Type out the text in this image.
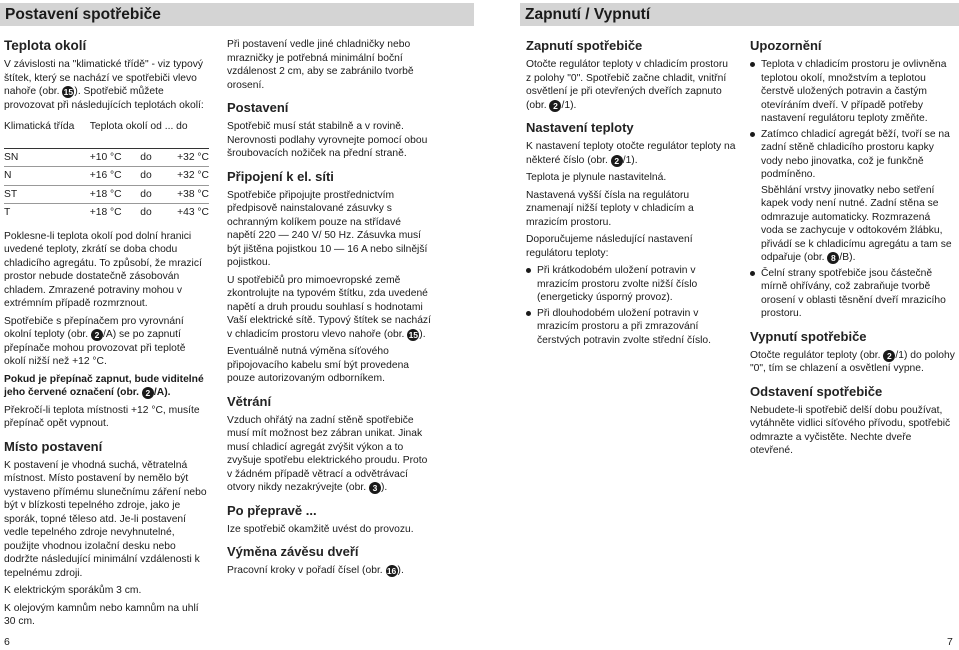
Postavení spotřebiče	Zapnutí / Vypnutí
Teplota okolí

V závislosti na "klimatické třídě" - viz typový štítek, který se nachází ve spotřebiči vlevo nahoře (obr. 15). Spotřebič můžete provozovat při následujících teplotách okolí:

Klimatická třída	Teplota okolí od ... do		
SN	+10 °C	do	+32 °C
N	+16 °C	do	+32 °C
ST	+18 °C	do	+38 °C
T	+18 °C	do	+43 °C

Poklesne-li teplota okolí pod dolní hranici uvedené teploty, zkrátí se doba chodu chladicího agregátu. To způsobí, že mrazicí prostor nebude dostatečně zásobován chladem. Zmrazené potraviny mohou v extrémním případě rozmrznout.

Spotřebiče s přepínačem pro vyrovnání okolní teploty (obr. 2 /A) se po zapnutí přepínače mohou provozovat při teplotě okolí nižší než +12 °C.

Pokud je přepínač zapnut, bude viditelné jeho červené označení (obr. 2 /A).

Překročí-li teplota místnosti +12 °C, musíte přepínač opět vypnout.

Místo postavení

K postavení je vhodná suchá, větratelná místnost. Místo postavení by nemělo být vystaveno přímému slunečnímu záření nebo být v blízkosti tepelného zdroje, jako je sporák, topné těleso atd. Je-li postavení vedle tepelného zdroje nevyhnutelné, použijte vhodnou izolační desku nebo dodržte následující minimální vzdálenosti k tepelnému zdroji.

K elektrickým sporákům 3 cm.

K olejovým kamnům nebo kamnům na uhlí 30 cm.

Při postavení vedle jiné chladničky nebo mrazničky je potřebná minimální boční vzdálenost 2 cm, aby se zabránilo tvorbě orosení.

Postavení

Spotřebič musí stát stabilně a v rovině. Nerovnosti podlahy vyrovnejte pomocí obou šroubovacích nožiček na přední straně.

Připojení k el. síti

Spotřebiče připojujte prostřednictvím předpisově nainstalované zásuvky s ochranným kolíkem pouze na střídavé napětí 220 — 240 V/ 50 Hz. Zásuvka musí být jištěna pojistkou 10 — 16 A nebo silnější pojistkou.

U spotřebičů pro mimoevropské země zkontrolujte na typovém štítku, zda uvedené napětí a druh proudu souhlasí s hodnotami Vaší elektrické sítě. Typový štítek se nachází v chladicím prostoru vlevo nahoře (obr. 15).

Eventuálně nutná výměna síťového připojovacího kabelu smí být provedena pouze autorizovaným odborníkem.

Větrání

Vzduch ohřátý na zadní stěně spotřebiče musí mít možnost bez zábran unikat. Jinak musí chladicí agregát zvýšit výkon a to zvyšuje spotřebu elektrického proudu. Proto v žádném případě větrací a odvětrávací otvory nikdy nezakrývejte (obr. 3 ).

Po přepravě ...

Ize spotřebič okamžitě uvést do provozu.

Výměna závěsu dveří

Pracovní kroky v pořadí čísel (obr. 16).

Zapnutí spotřebiče

Otočte regulátor teploty v chladicím prostoru z polohy "0". Spotřebič začne chladit, vnitřní osvětlení je při otevřených dveřích zapnuto (obr. 2 /1).

Nastavení teploty

K nastavení teploty otočte regulátor teploty na některé číslo (obr. 2 /1).

Teplota je plynule nastavitelná.

Nastavená vyšší čísla na regulátoru znamenají nižší teploty v chladicím a mrazicím prostoru.

Doporučujeme následující nastavení regulátoru teploty:

Při krátkodobém uložení potravin v mrazicím prostoru zvolte nižší číslo (energeticky úsporný provoz).
Při dlouhodobém uložení potravin v mrazicím prostoru a při zmrazování čerstvých potravin zvolte střední číslo.
Upozornění
Teplota v chladicím prostoru je ovlivněna teplotou okolí, množstvím a teplotou čerstvě uložených potravin a častým otevíráním dveří. V případě potřeby nastavení regulátoru teploty změňte.
Zatímco chladicí agregát běží, tvoří se na zadní stěně chladicího prostoru kapky vody nebo jinovatka, což je funkčně podmíněno.
Sběhlání vrstvy jinovatky nebo setření kapek vody není nutné. Zadní stěna se odmrazuje automaticky. Rozmrazená voda se zachycuje v odtokovém žlábku, přivádí se k chladicímu agregátu a tam se odpařuje (obr. 8 /B).
Čelní strany spotřebiče jsou částečně mírně ohřívány, což zabraňuje tvorbě orosení v oblasti těsnění dveří mrazicího prostoru.
Vypnutí spotřebiče

Otočte regulátor teploty (obr. 2 /1) do polohy "0", tím se chlazení a osvětlení vypne.

Odstavení spotřebiče

Nebudete-li spotřebič delší dobu používat, vytáhněte vidlici síťového přívodu, spotřebič odmrazte a vyčistěte. Nechte dveře otevřené.

6	7
